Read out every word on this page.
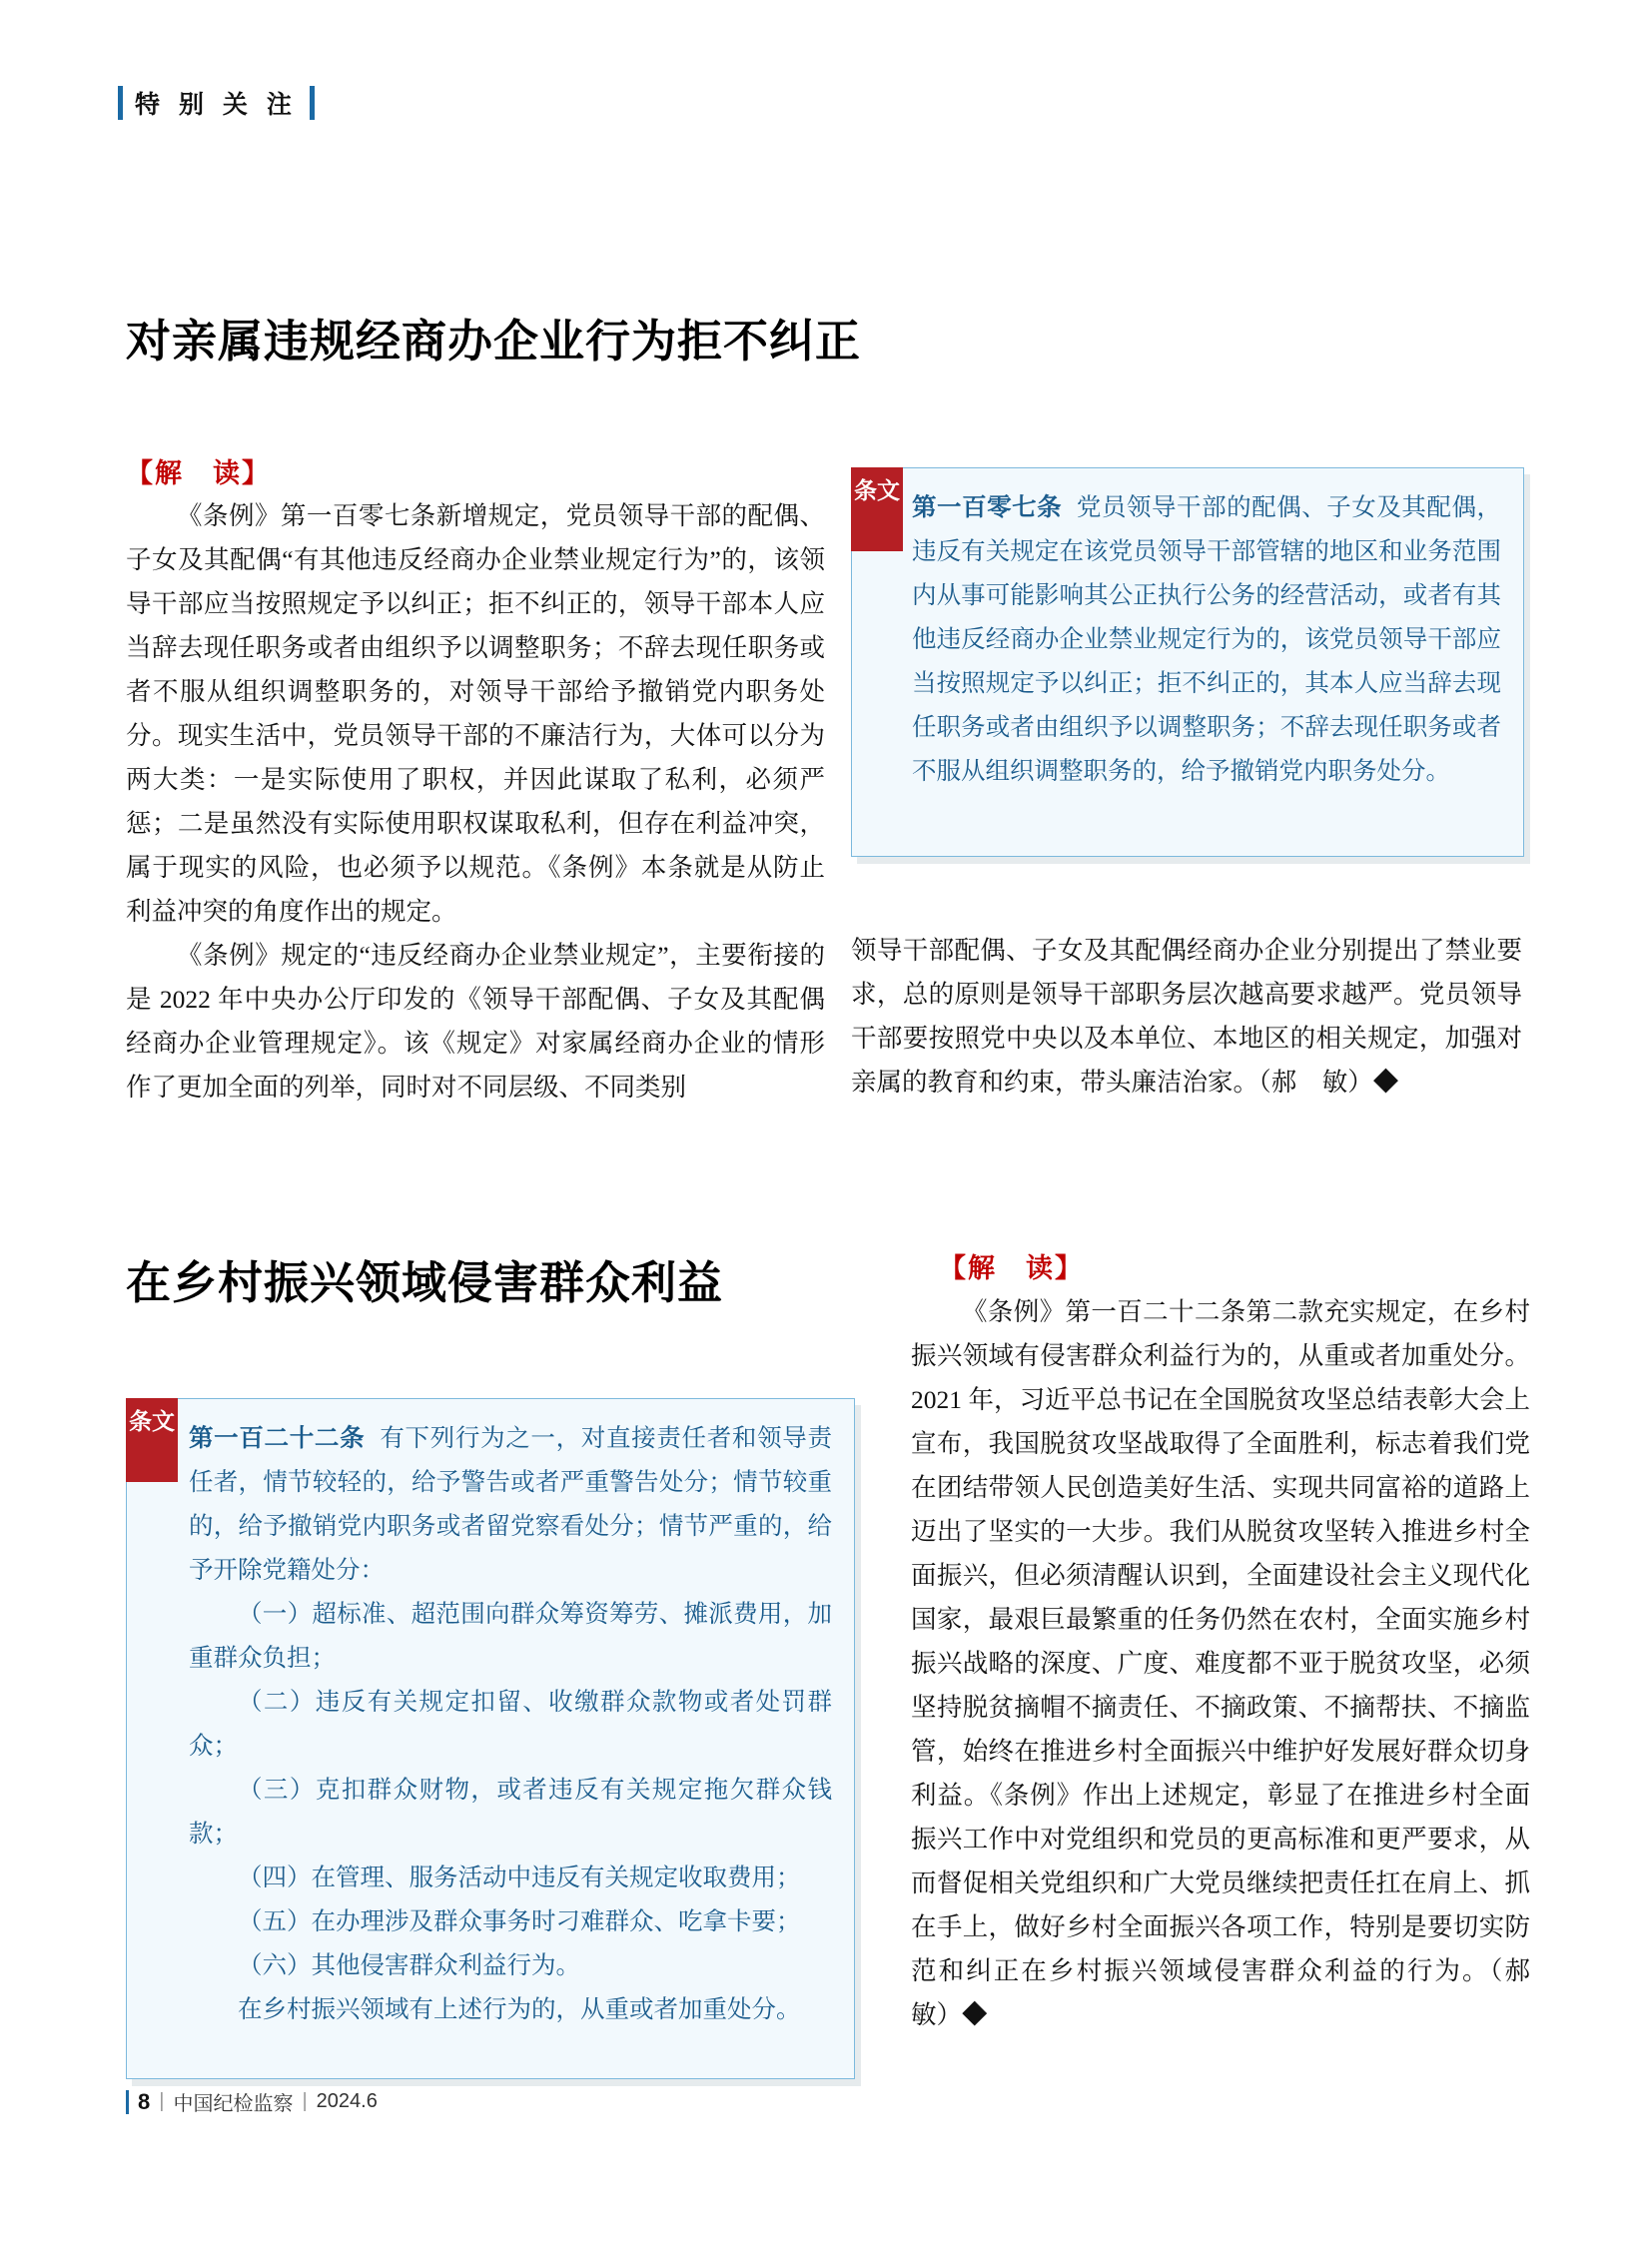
特 别 关 注
对亲属违规经商办企业行为拒不纠正
【解　读】

《条例》第一百零七条新增规定，党员领导干部的配偶、子女及其配偶“有其他违反经商办企业禁业规定行为”的，该领导干部应当按照规定予以纠正；拒不纠正的，领导干部本人应当辞去现任职务或者由组织予以调整职务；不辞去现任职务或者不服从组织调整职务的，对领导干部给予撤销党内职务处分。现实生活中，党员领导干部的不廉洁行为，大体可以分为两大类：一是实际使用了职权，并因此谋取了私利，必须严惩；二是虽然没有实际使用职权谋取私利，但存在利益冲突，属于现实的风险，也必须予以规范。《条例》本条就是从防止利益冲突的角度作出的规定。

《条例》规定的“违反经商办企业禁业规定”，主要衔接的是 2022 年中央办公厅印发的《领导干部配偶、子女及其配偶经商办企业管理规定》。该《规定》对家属经商办企业的情形作了更加全面的列举，同时对不同层级、不同类别

条文

第一百零七条 党员领导干部的配偶、子女及其配偶，违反有关规定在该党员领导干部管辖的地区和业务范围内从事可能影响其公正执行公务的经营活动，或者有其他违反经商办企业禁业规定行为的，该党员领导干部应当按照规定予以纠正；拒不纠正的，其本人应当辞去现任职务或者由组织予以调整职务；不辞去现任职务或者不服从组织调整职务的，给予撤销党内职务处分。

领导干部配偶、子女及其配偶经商办企业分别提出了禁业要求，总的原则是领导干部职务层次越高要求越严。党员领导干部要按照党中央以及本单位、本地区的相关规定，加强对亲属的教育和约束，带头廉洁治家。（郝　敏）◆

在乡村振兴领域侵害群众利益
条文

第一百二十二条 有下列行为之一，对直接责任者和领导责任者，情节较轻的，给予警告或者严重警告处分；情节较重的，给予撤销党内职务或者留党察看处分；情节严重的，给予开除党籍处分：

（一）超标准、超范围向群众筹资筹劳、摊派费用，加重群众负担；

（二）违反有关规定扣留、收缴群众款物或者处罚群众；

（三）克扣群众财物，或者违反有关规定拖欠群众钱款；

（四）在管理、服务活动中违反有关规定收取费用；

（五）在办理涉及群众事务时刁难群众、吃拿卡要；

（六）其他侵害群众利益行为。

在乡村振兴领域有上述行为的，从重或者加重处分。

【解　读】

《条例》第一百二十二条第二款充实规定，在乡村振兴领域有侵害群众利益行为的，从重或者加重处分。2021 年，习近平总书记在全国脱贫攻坚总结表彰大会上宣布，我国脱贫攻坚战取得了全面胜利，标志着我们党在团结带领人民创造美好生活、实现共同富裕的道路上迈出了坚实的一大步。我们从脱贫攻坚转入推进乡村全面振兴，但必须清醒认识到，全面建设社会主义现代化国家，最艰巨最繁重的任务仍然在农村，全面实施乡村振兴战略的深度、广度、难度都不亚于脱贫攻坚，必须坚持脱贫摘帽不摘责任、不摘政策、不摘帮扶、不摘监管，始终在推进乡村全面振兴中维护好发展好群众切身利益。《条例》作出上述规定，彰显了在推进乡村全面振兴工作中对党组织和党员的更高标准和更严要求，从而督促相关党组织和广大党员继续把责任扛在肩上、抓在手上，做好乡村全面振兴各项工作，特别是要切实防范和纠正在乡村振兴领域侵害群众利益的行为。（郝　敏）◆

8 | 中国纪检监察 | 2024.6
